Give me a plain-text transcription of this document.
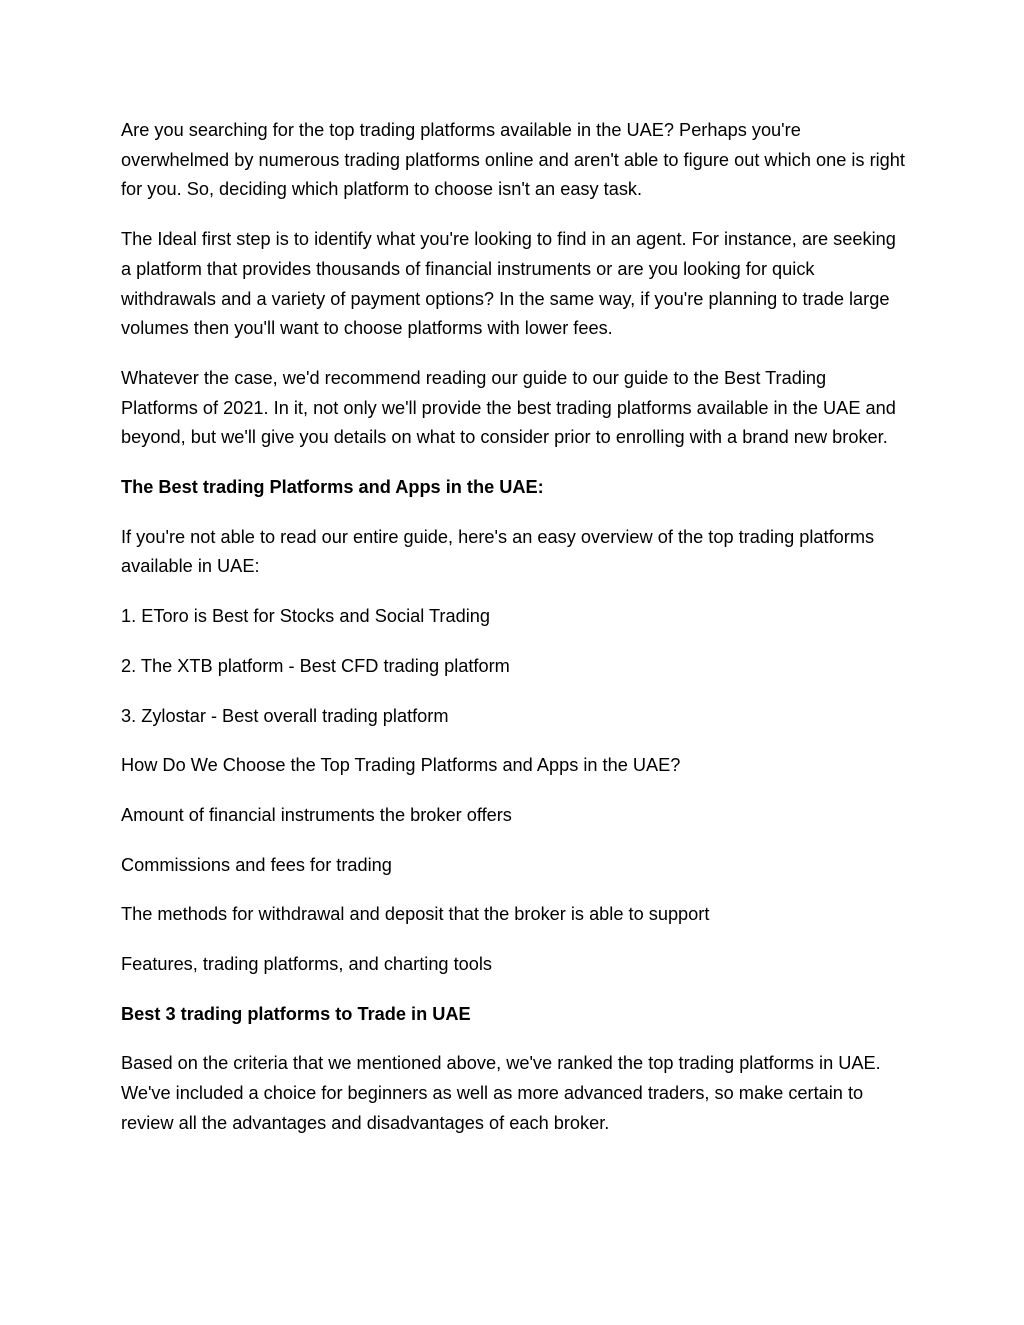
Are you searching for the top trading platforms available in the UAE? Perhaps you're overwhelmed by numerous trading platforms online and aren't able to figure out which one is right for you. So, deciding which platform to choose isn't an easy task.

The Ideal first step is to identify what you're looking to find in an agent. For instance, are seeking a platform that provides thousands of financial instruments or are you looking for quick withdrawals and a variety of payment options? In the same way, if you're planning to trade large volumes then you'll want to choose platforms with lower fees.

Whatever the case, we'd recommend reading our guide to our guide to the Best Trading Platforms of 2021. In it, not only we'll provide the best trading platforms available in the UAE and beyond, but we'll give you details on what to consider prior to enrolling with a brand new broker.

The Best trading Platforms and Apps in the UAE:

If you're not able to read our entire guide, here's an easy overview of the top trading platforms available in UAE:

1. EToro is Best for Stocks and Social Trading

2. The XTB platform - Best CFD trading platform

3. Zylostar - Best overall trading platform

How Do We Choose the Top Trading Platforms and Apps in the UAE?

Amount of financial instruments the broker offers

Commissions and fees for trading

The methods for withdrawal and deposit that the broker is able to support

Features, trading platforms, and charting tools

Best 3 trading platforms to Trade in UAE

Based on the criteria that we mentioned above, we've ranked the top trading platforms in UAE. We've included a choice for beginners as well as more advanced traders, so make certain to review all the advantages and disadvantages of each broker.
